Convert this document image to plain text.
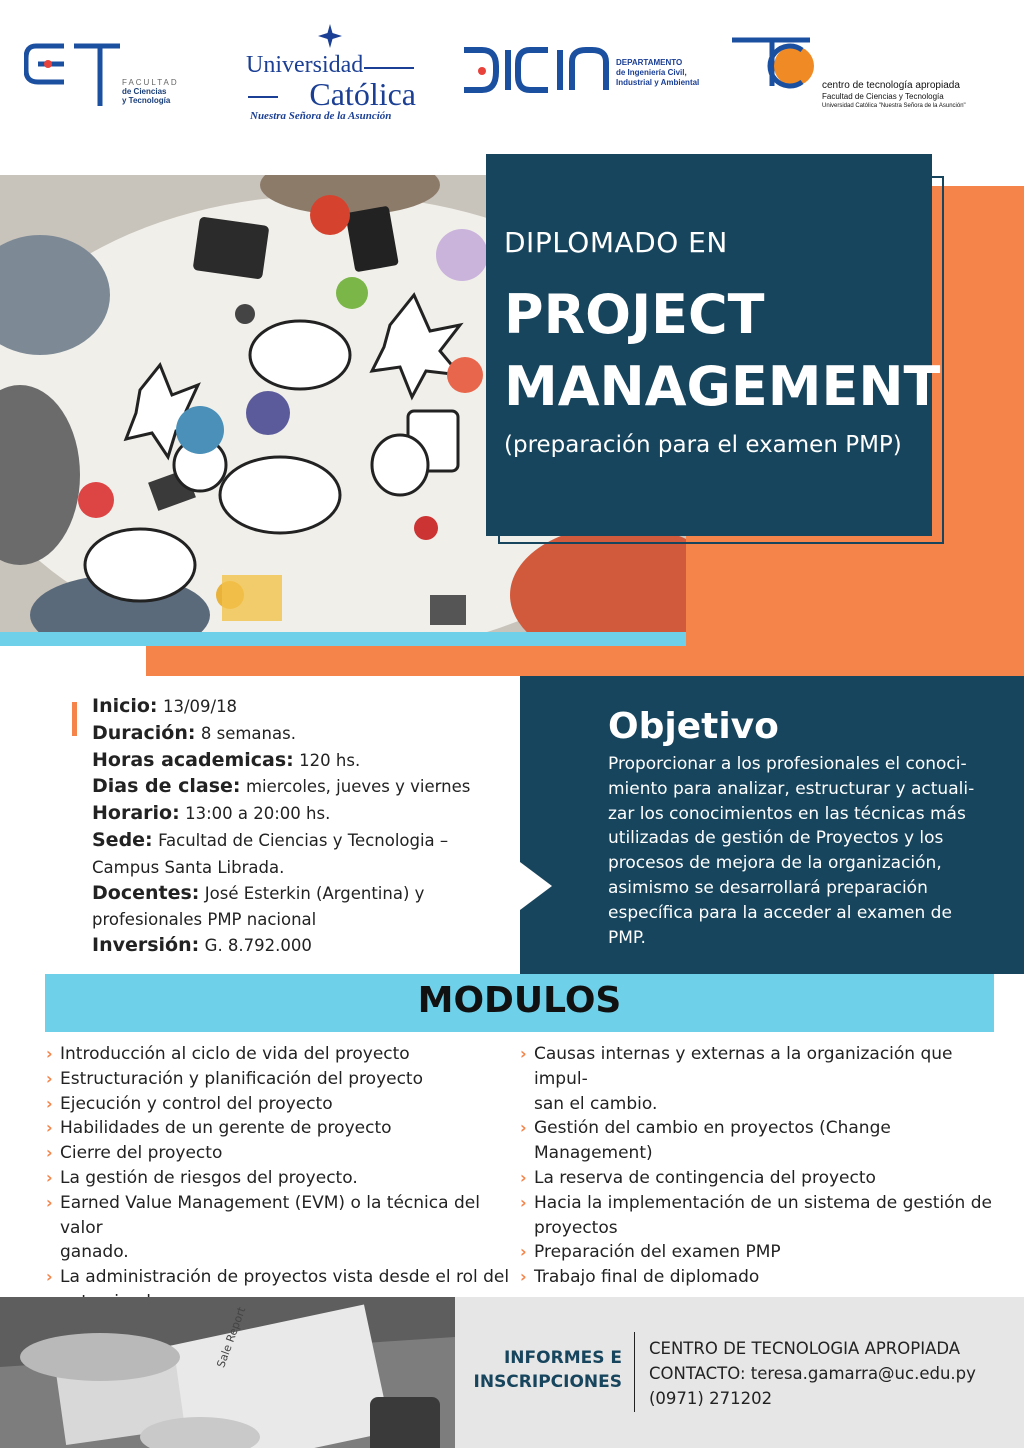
FACULTAD
de Ciencias
y Tecnología
Universidad
Católica
Nuestra Señora de la Asunción
DEPARTAMENTO
de Ingeniería Civil,
Industrial y Ambiental	centro de tecnología apropiada
Facultad de Ciencias y Tecnología
Universidad Católica "Nuestra Señora de la Asunción"
DIPLOMADO EN
PROJECT
MANAGEMENT
(preparación para el examen PMP)
Inicio: 13/09/18
Duración: 8 semanas.
Horas academicas: 120 hs.
Dias de clase: miercoles, jueves y viernes
Horario: 13:00 a 20:00 hs.
Sede: Facultad de Ciencias y Tecnologia –
Campus Santa Librada.
Docentes: José Esterkin (Argentina) y
profesionales PMP nacional
Inversión: G. 8.792.000
Objetivo
Proporcionar a los profesionales el conoci-
miento para analizar, estructurar y actuali-
zar los conocimientos en las técnicas más
utilizadas de gestión de Proyectos y los
procesos de mejora de la organización,
asimismo se desarrollará preparación
específica para la acceder al examen de
PMP.
MODULOS
› Introducción al ciclo de vida del proyecto
› Estructuración y planificación del proyecto
› Ejecución y control del proyecto
› Habilidades de un gerente de proyecto
› Cierre del proyecto
› La gestión de riesgos del proyecto.
› Earned Value Management (EVM) o la técnica del valor
ganado.
› La administración de proyectos vista desde el rol del
› Causas internas y externas a la organización que impul-
san el cambio.
› Gestión del cambio en proyectos (Change Management)
› La reserva de contingencia del proyecto
› Hacia la implementación de un sistema de gestión de
proyectos
› Preparación del examen PMP
› Trabajo final de diplomado
Sale Report	INFORMES E
INSCRIPCIONES
CENTRO DE TECNOLOGIA APROPIADA
CONTACTO: teresa.gamarra@uc.edu.py
(0971) 271202
